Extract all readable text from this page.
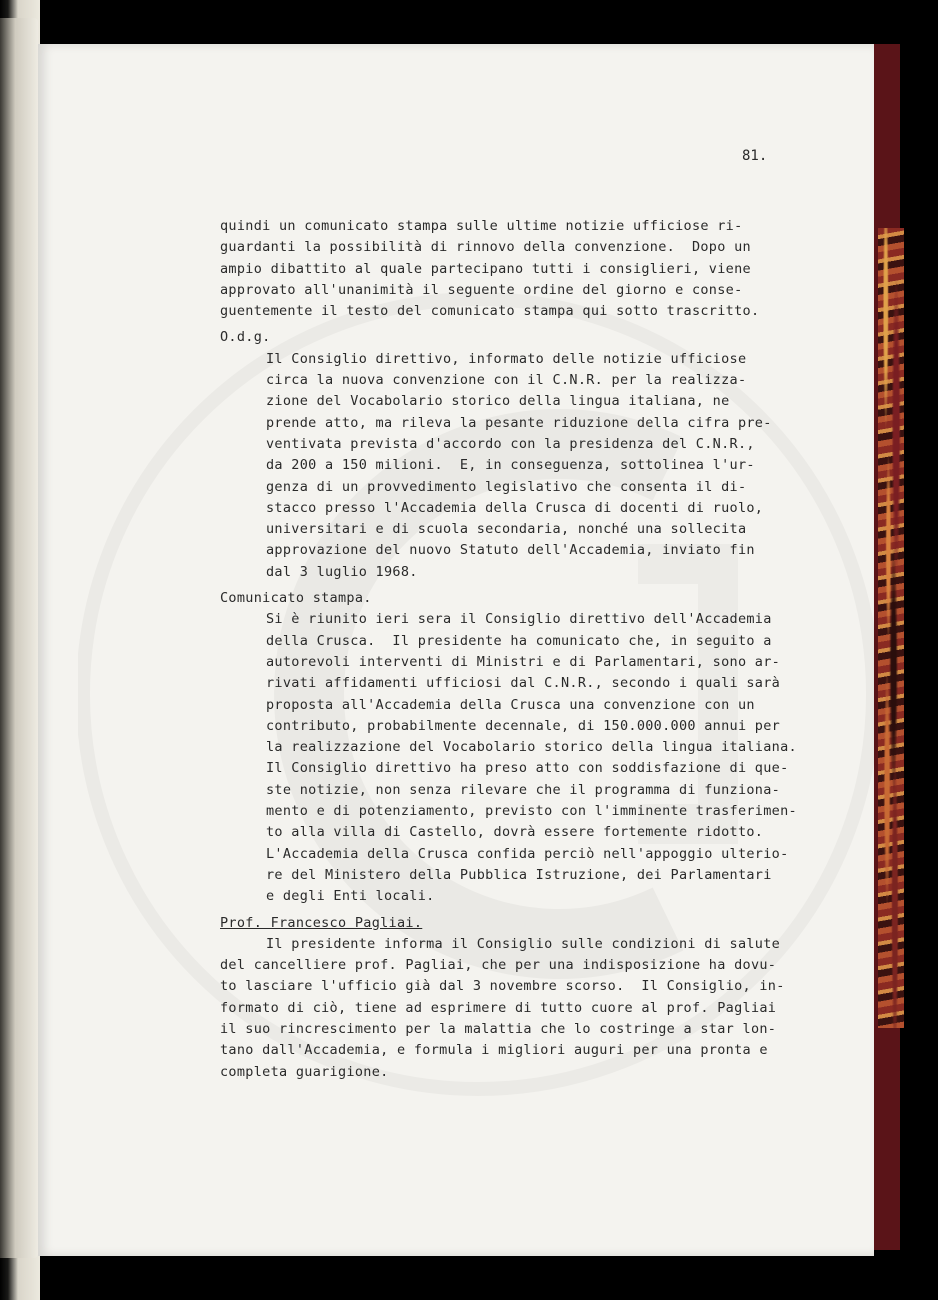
81.
quindi un comunicato stampa sulle ultime notizie ufficiose ri-
guardanti la possibilità di rinnovo della convenzione.  Dopo un
ampio dibattito al quale partecipano tutti i consiglieri, viene
approvato all'unanimità il seguente ordine del giorno e conse-
guentemente il testo del comunicato stampa qui sotto trascritto.
O.d.g.
Il Consiglio direttivo, informato delle notizie ufficiose
circa la nuova convenzione con il C.N.R. per la realizza-
zione del Vocabolario storico della lingua italiana, ne
prende atto, ma rileva la pesante riduzione della cifra pre-
ventivata prevista d'accordo con la presidenza del C.N.R.,
da 200 a 150 milioni.  E, in conseguenza, sottolinea l'ur-
genza di un provvedimento legislativo che consenta il di-
stacco presso l'Accademia della Crusca di docenti di ruolo,
universitari e di scuola secondaria, nonché una sollecita
approvazione del nuovo Statuto dell'Accademia, inviato fin
dal 3 luglio 1968.
Comunicato stampa.
Si è riunito ieri sera il Consiglio direttivo dell'Accademia
della Crusca.  Il presidente ha comunicato che, in seguito a
autorevoli interventi di Ministri e di Parlamentari, sono ar-
rivati affidamenti ufficiosi dal C.N.R., secondo i quali sarà
proposta all'Accademia della Crusca una convenzione con un
contributo, probabilmente decennale, di 150.000.000 annui per
la realizzazione del Vocabolario storico della lingua italiana.
Il Consiglio direttivo ha preso atto con soddisfazione di que-
ste notizie, non senza rilevare che il programma di funziona-
mento e di potenziamento, previsto con l'imminente trasferimen-
to alla villa di Castello, dovrà essere fortemente ridotto.
L'Accademia della Crusca confida perciò nell'appoggio ulterio-
re del Ministero della Pubblica Istruzione, dei Parlamentari
e degli Enti locali.
Prof. Francesco Pagliai.
Il presidente informa il Consiglio sulle condizioni di salute
del cancelliere prof. Pagliai, che per una indisposizione ha dovu-
to lasciare l'ufficio già dal 3 novembre scorso.  Il Consiglio, in-
formato di ciò, tiene ad esprimere di tutto cuore al prof. Pagliai
il suo rincrescimento per la malattia che lo costringe a star lon-
tano dall'Accademia, e formula i migliori auguri per una pronta e
completa guarigione.
